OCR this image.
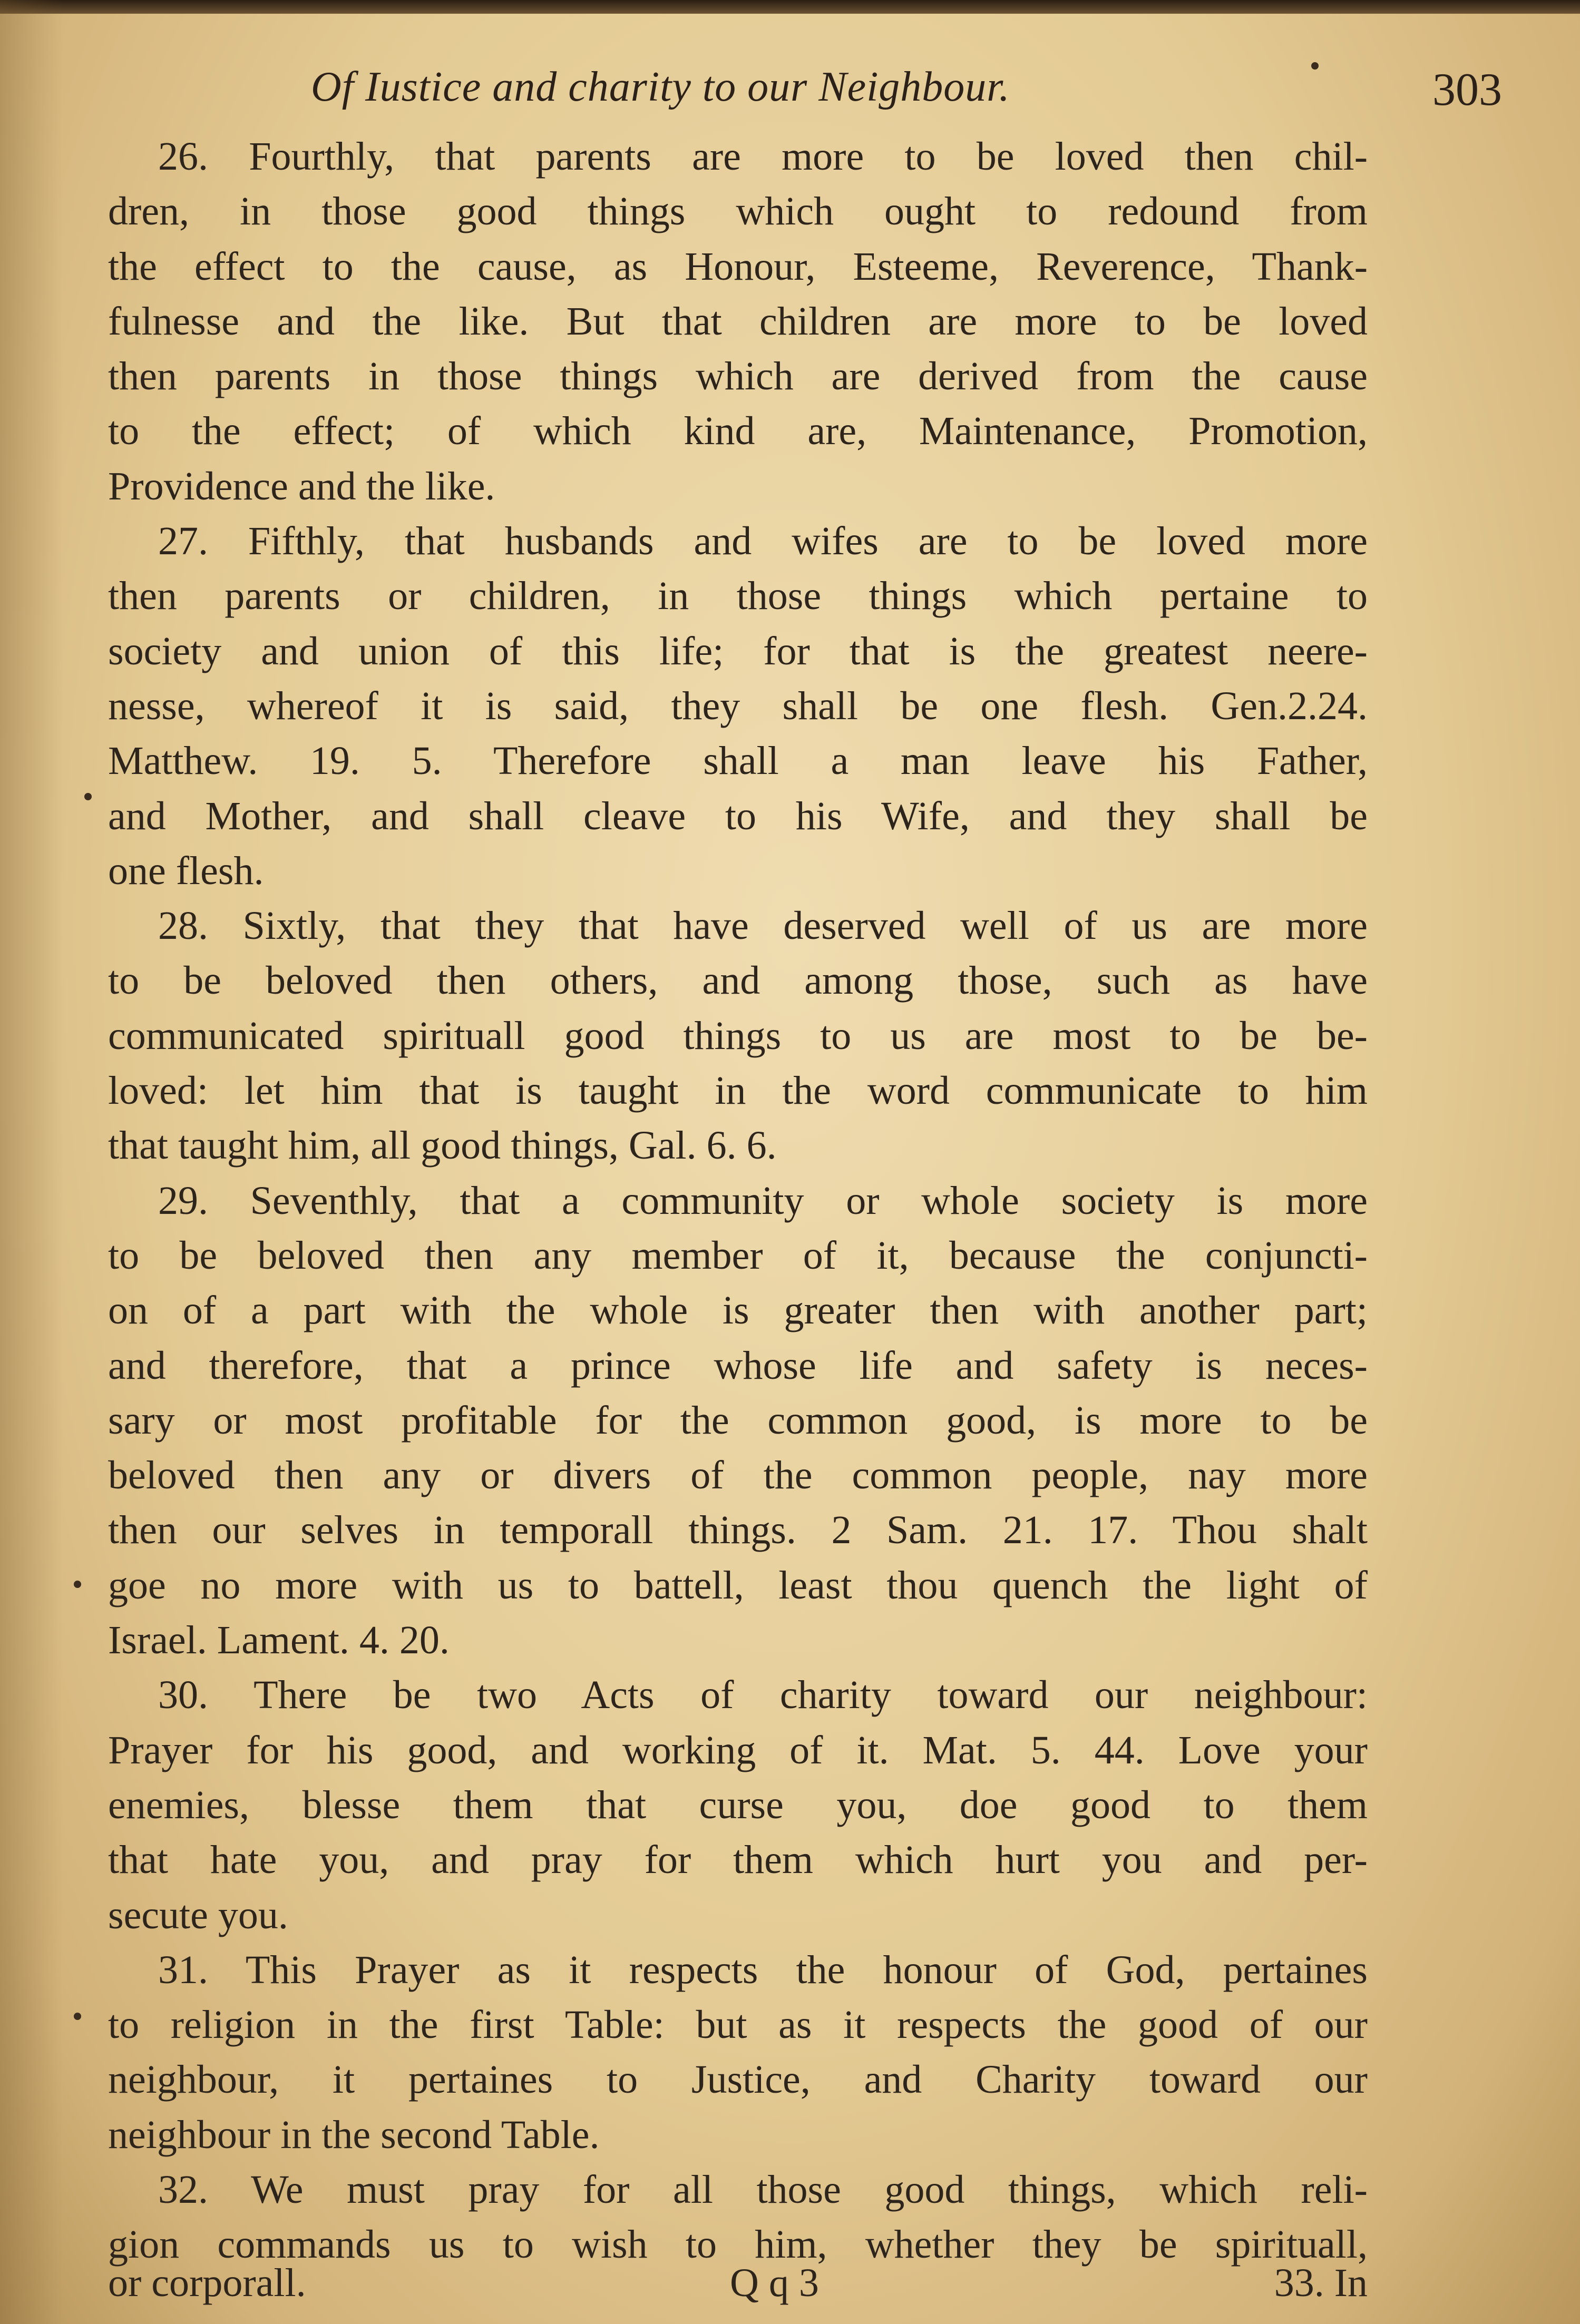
Of Iustice and charity to our Neighbour.	303
26. Fourthly, that parents are more to be loved then chil-
dren, in those good things which ought to redound from
the effect to the cause, as Honour, Esteeme, Reverence, Thank-
fulnesse and the like. But that children are more to be loved
then parents in those things which are derived from the cause
to the effect; of which kind are, Maintenance, Promotion,
Providence and the like.
27. Fifthly, that husbands and wifes are to be loved more
then parents or children, in those things which pertaine to
society and union of this life; for that is the greatest neere-
nesse, whereof it is said, they shall be one flesh. Gen.2.24.
Matthew. 19. 5. Therefore shall a man leave his Father,
and Mother, and shall cleave to his Wife, and they shall be
one flesh.
28. Sixtly, that they that have deserved well of us are more
to be beloved then others, and among those, such as have
communicated spirituall good things to us are most to be be-
loved: let him that is taught in the word communicate to him
that taught him, all good things, Gal. 6. 6.
29. Seventhly, that a community or whole society is more
to be beloved then any member of it, because the conjuncti-
on of a part with the whole is greater then with another part;
and therefore, that a prince whose life and safety is neces-
sary or most profitable for the common good, is more to be
beloved then any or divers of the common people, nay more
then our selves in temporall things. 2 Sam. 21. 17. Thou shalt
goe no more with us to battell, least thou quench the light of
Israel. Lament. 4. 20.
30. There be two Acts of charity toward our neighbour:
Prayer for his good, and working of it. Mat. 5. 44. Love your
enemies, blesse them that curse you, doe good to them
that hate you, and pray for them which hurt you and per-
secute you.
31. This Prayer as it respects the honour of God, pertaines
to religion in the first Table: but as it respects the good of our
neighbour, it pertaines to Justice, and Charity toward our
neighbour in the second Table.
32. We must pray for all those good things, which reli-
gion commands us to wish to him, whether they be spirituall,
or corporall.	Q q 3	33. In
